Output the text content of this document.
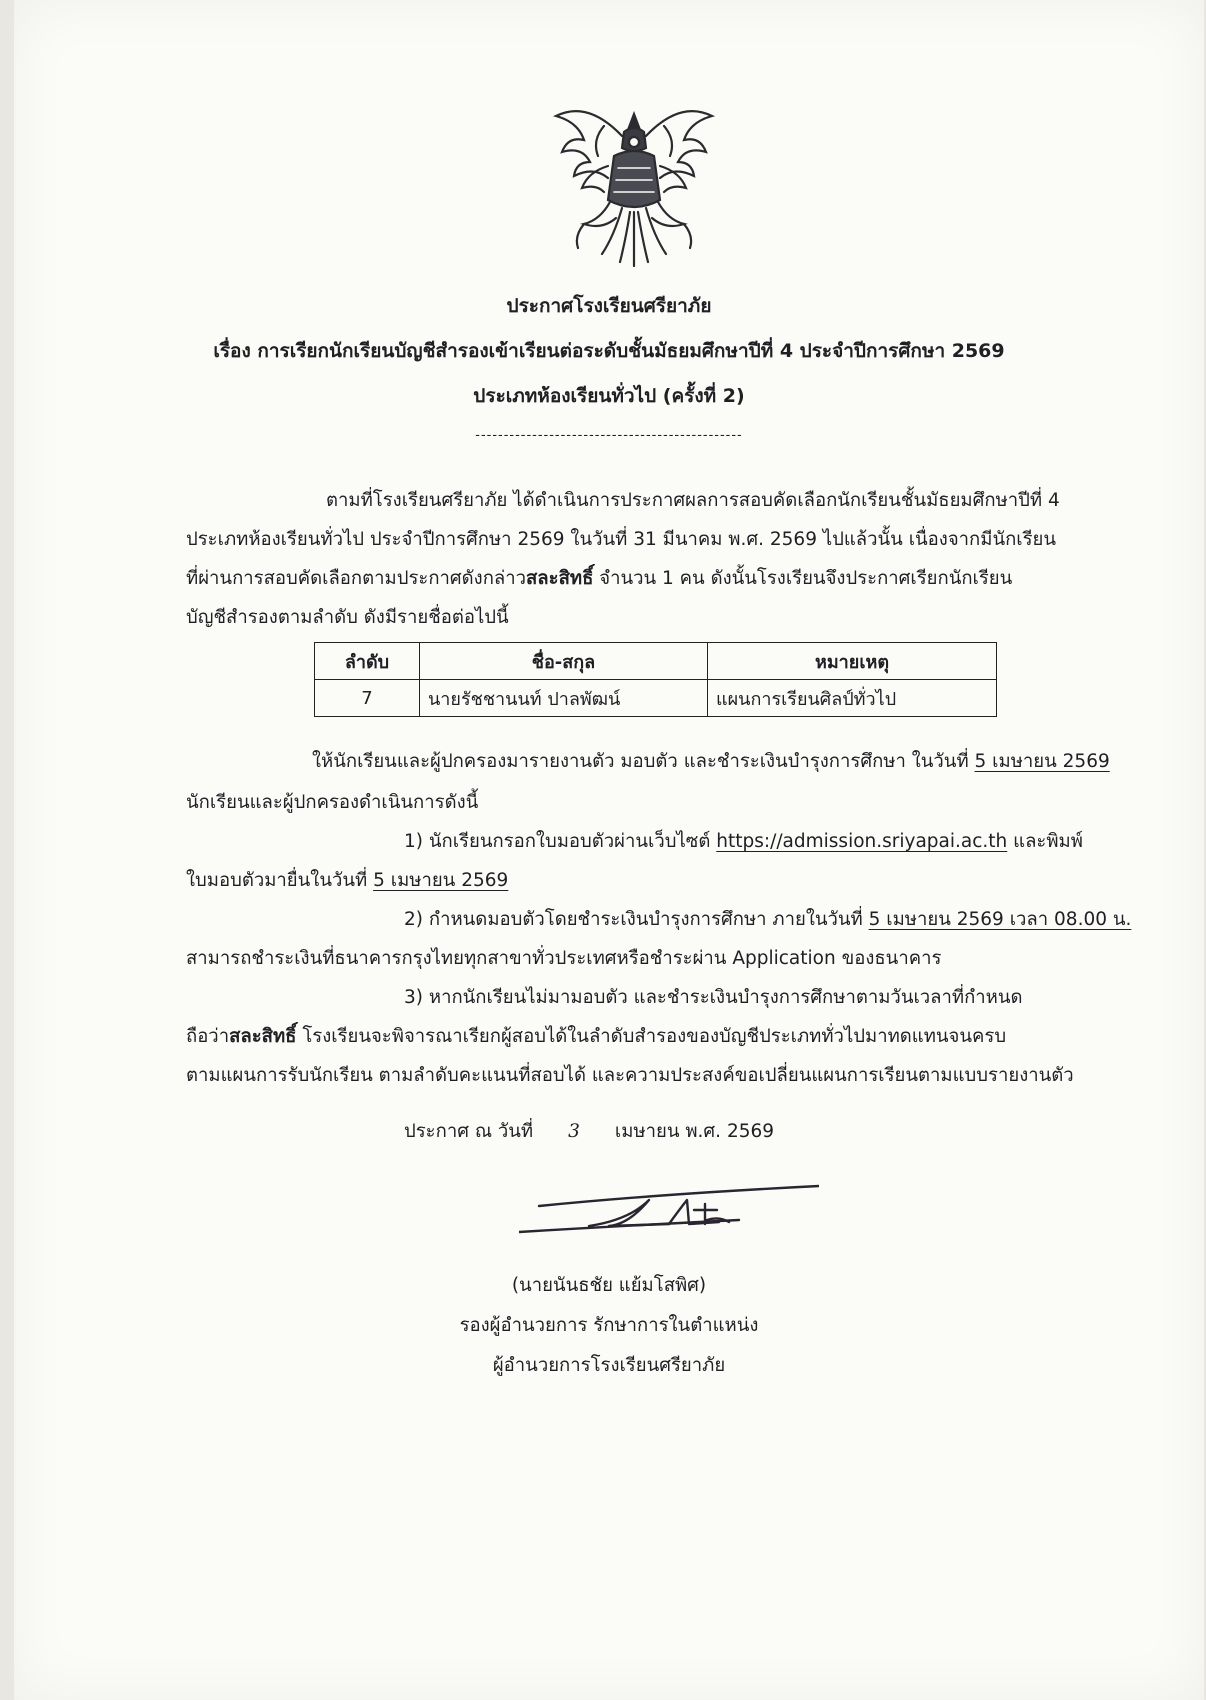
ประกาศโรงเรียนศรียาภัย
เรื่อง การเรียกนักเรียนบัญชีสำรองเข้าเรียนต่อระดับชั้นมัธยมศึกษาปีที่ 4 ประจำปีการศึกษา 2569
ประเภทห้องเรียนทั่วไป (ครั้งที่ 2)
-----------------------------------------------
ตามที่โรงเรียนศรียาภัย ได้ดำเนินการประกาศผลการสอบคัดเลือกนักเรียนชั้นมัธยมศึกษาปีที่ 4
ประเภทห้องเรียนทั่วไป ประจำปีการศึกษา 2569 ในวันที่ 31 มีนาคม พ.ศ. 2569 ไปแล้วนั้น เนื่องจากมีนักเรียน
ที่ผ่านการสอบคัดเลือกตามประกาศดังกล่าวสละสิทธิ์ จำนวน 1 คน ดังนั้นโรงเรียนจึงประกาศเรียกนักเรียน
บัญชีสำรองตามลำดับ ดังมีรายชื่อต่อไปนี้
ลำดับ	ชื่อ-สกุล	หมายเหตุ
7	นายรัชชานนท์ ปาลพัฒน์	แผนการเรียนศิลป์ทั่วไป
ให้นักเรียนและผู้ปกครองมารายงานตัว มอบตัว และชำระเงินบำรุงการศึกษา ในวันที่ 5 เมษายน 2569
นักเรียนและผู้ปกครองดำเนินการดังนี้
1) นักเรียนกรอกใบมอบตัวผ่านเว็บไซต์ https://admission.sriyapai.ac.th และพิมพ์
ใบมอบตัวมายื่นในวันที่ 5 เมษายน 2569
2) กำหนดมอบตัวโดยชำระเงินบำรุงการศึกษา ภายในวันที่ 5 เมษายน 2569 เวลา 08.00 น.
สามารถชำระเงินที่ธนาคารกรุงไทยทุกสาขาทั่วประเทศหรือชำระผ่าน Application ของธนาคาร
3) หากนักเรียนไม่มามอบตัว และชำระเงินบำรุงการศึกษาตามวันเวลาที่กำหนด
ถือว่าสละสิทธิ์ โรงเรียนจะพิจารณาเรียกผู้สอบได้ในลำดับสำรองของบัญชีประเภททั่วไปมาทดแทนจนครบ
ตามแผนการรับนักเรียน ตามลำดับคะแนนที่สอบได้ และความประสงค์ขอเปลี่ยนแผนการเรียนตามแบบรายงานตัว
ประกาศ ณ วันที่ 3 เมษายน พ.ศ. 2569
(นายนันธชัย แย้มโสพิศ)
รองผู้อำนวยการ รักษาการในตำแหน่ง
ผู้อำนวยการโรงเรียนศรียาภัย
